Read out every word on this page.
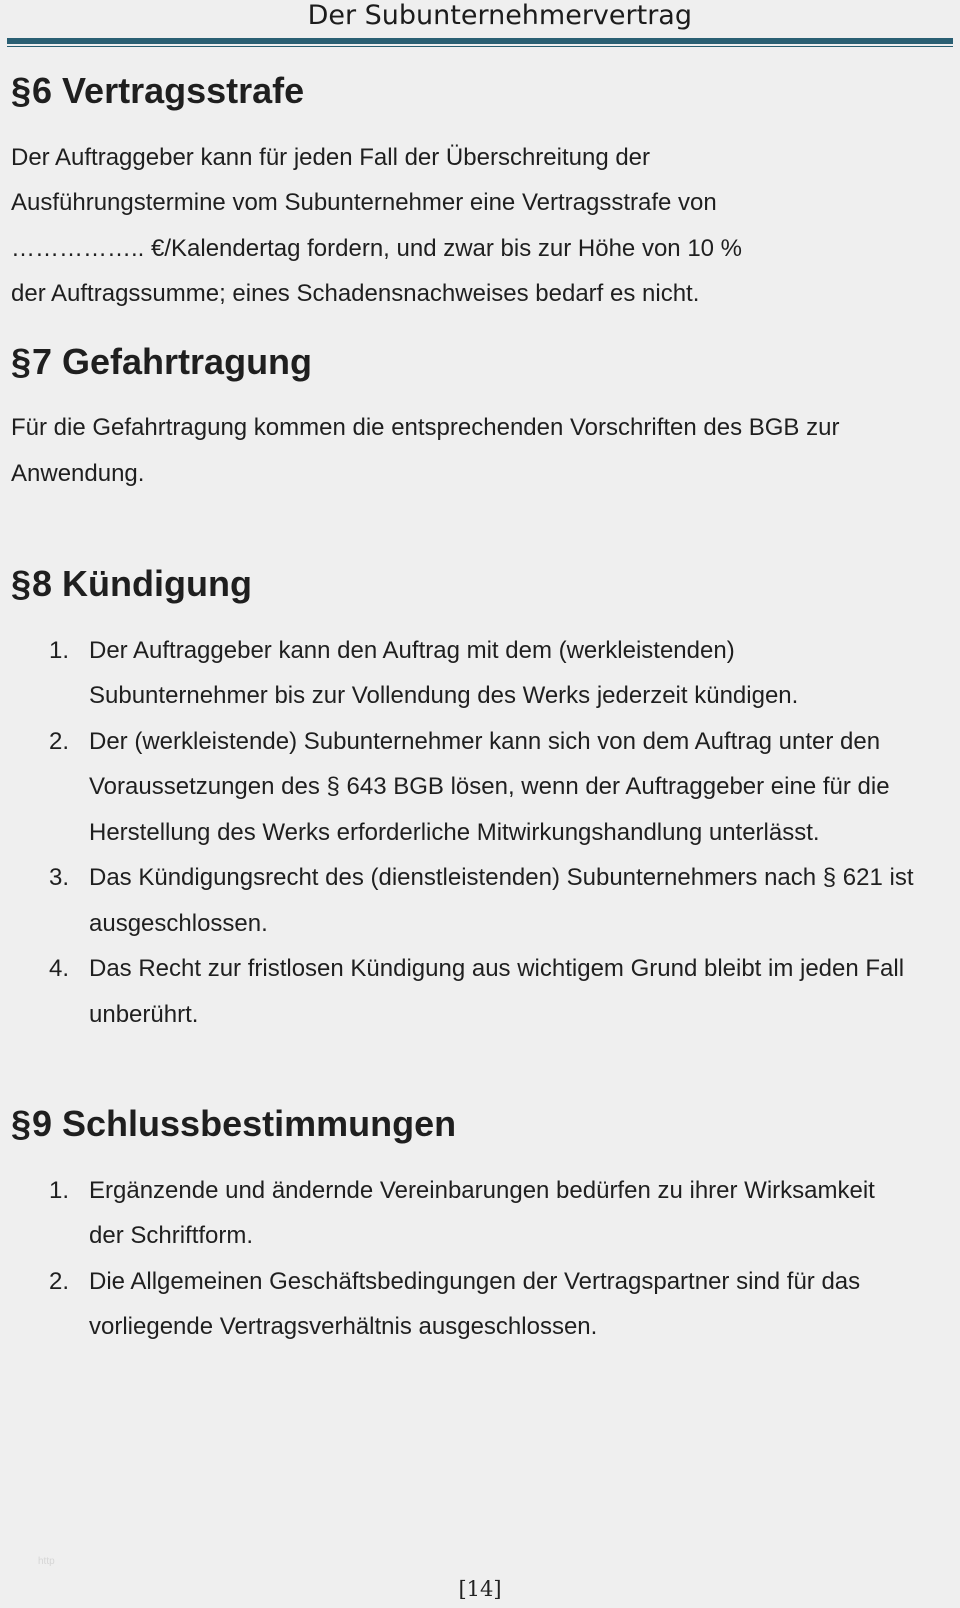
Der Subunternehmervertrag
§ 6 Vertragsstrafe

Der Auftraggeber kann für jeden Fall der Überschreitung der Ausführungstermine vom Subunternehmer eine Vertragsstrafe von …………….. €/Kalendertag fordern, und zwar bis zur Höhe von 10 % der Auftragssumme; eines Schadensnachweises bedarf es nicht.

§ 7 Gefahrtragung

Für die Gefahrtragung kommen die entsprechenden Vorschriften des BGB zur Anwendung.

§ 8 Kündigung
1. Der Auftraggeber kann den Auftrag mit dem (werkleistenden) Subunternehmer bis zur Vollendung des Werks jederzeit kündigen.
2. Der (werkleistende) Subunternehmer kann sich von dem Auftrag unter den Voraussetzungen des § 643 BGB lösen, wenn der Auftraggeber eine für die Herstellung des Werks erforderliche Mitwirkungshandlung unterlässt.
3. Das Kündigungsrecht des (dienstleistenden) Subunternehmers nach § 621 ist ausgeschlossen.
4. Das Recht zur fristlosen Kündigung aus wichtigem Grund bleibt im jeden Fall unberührt.
§ 9 Schlussbestimmungen
1. Ergänzende und ändernde Vereinbarungen bedürfen zu ihrer Wirksamkeit der Schriftform.
2. Die Allgemeinen Geschäftsbedingungen der Vertragspartner sind für das vorliegende Vertragsverhältnis ausgeschlossen.
http
[14]
